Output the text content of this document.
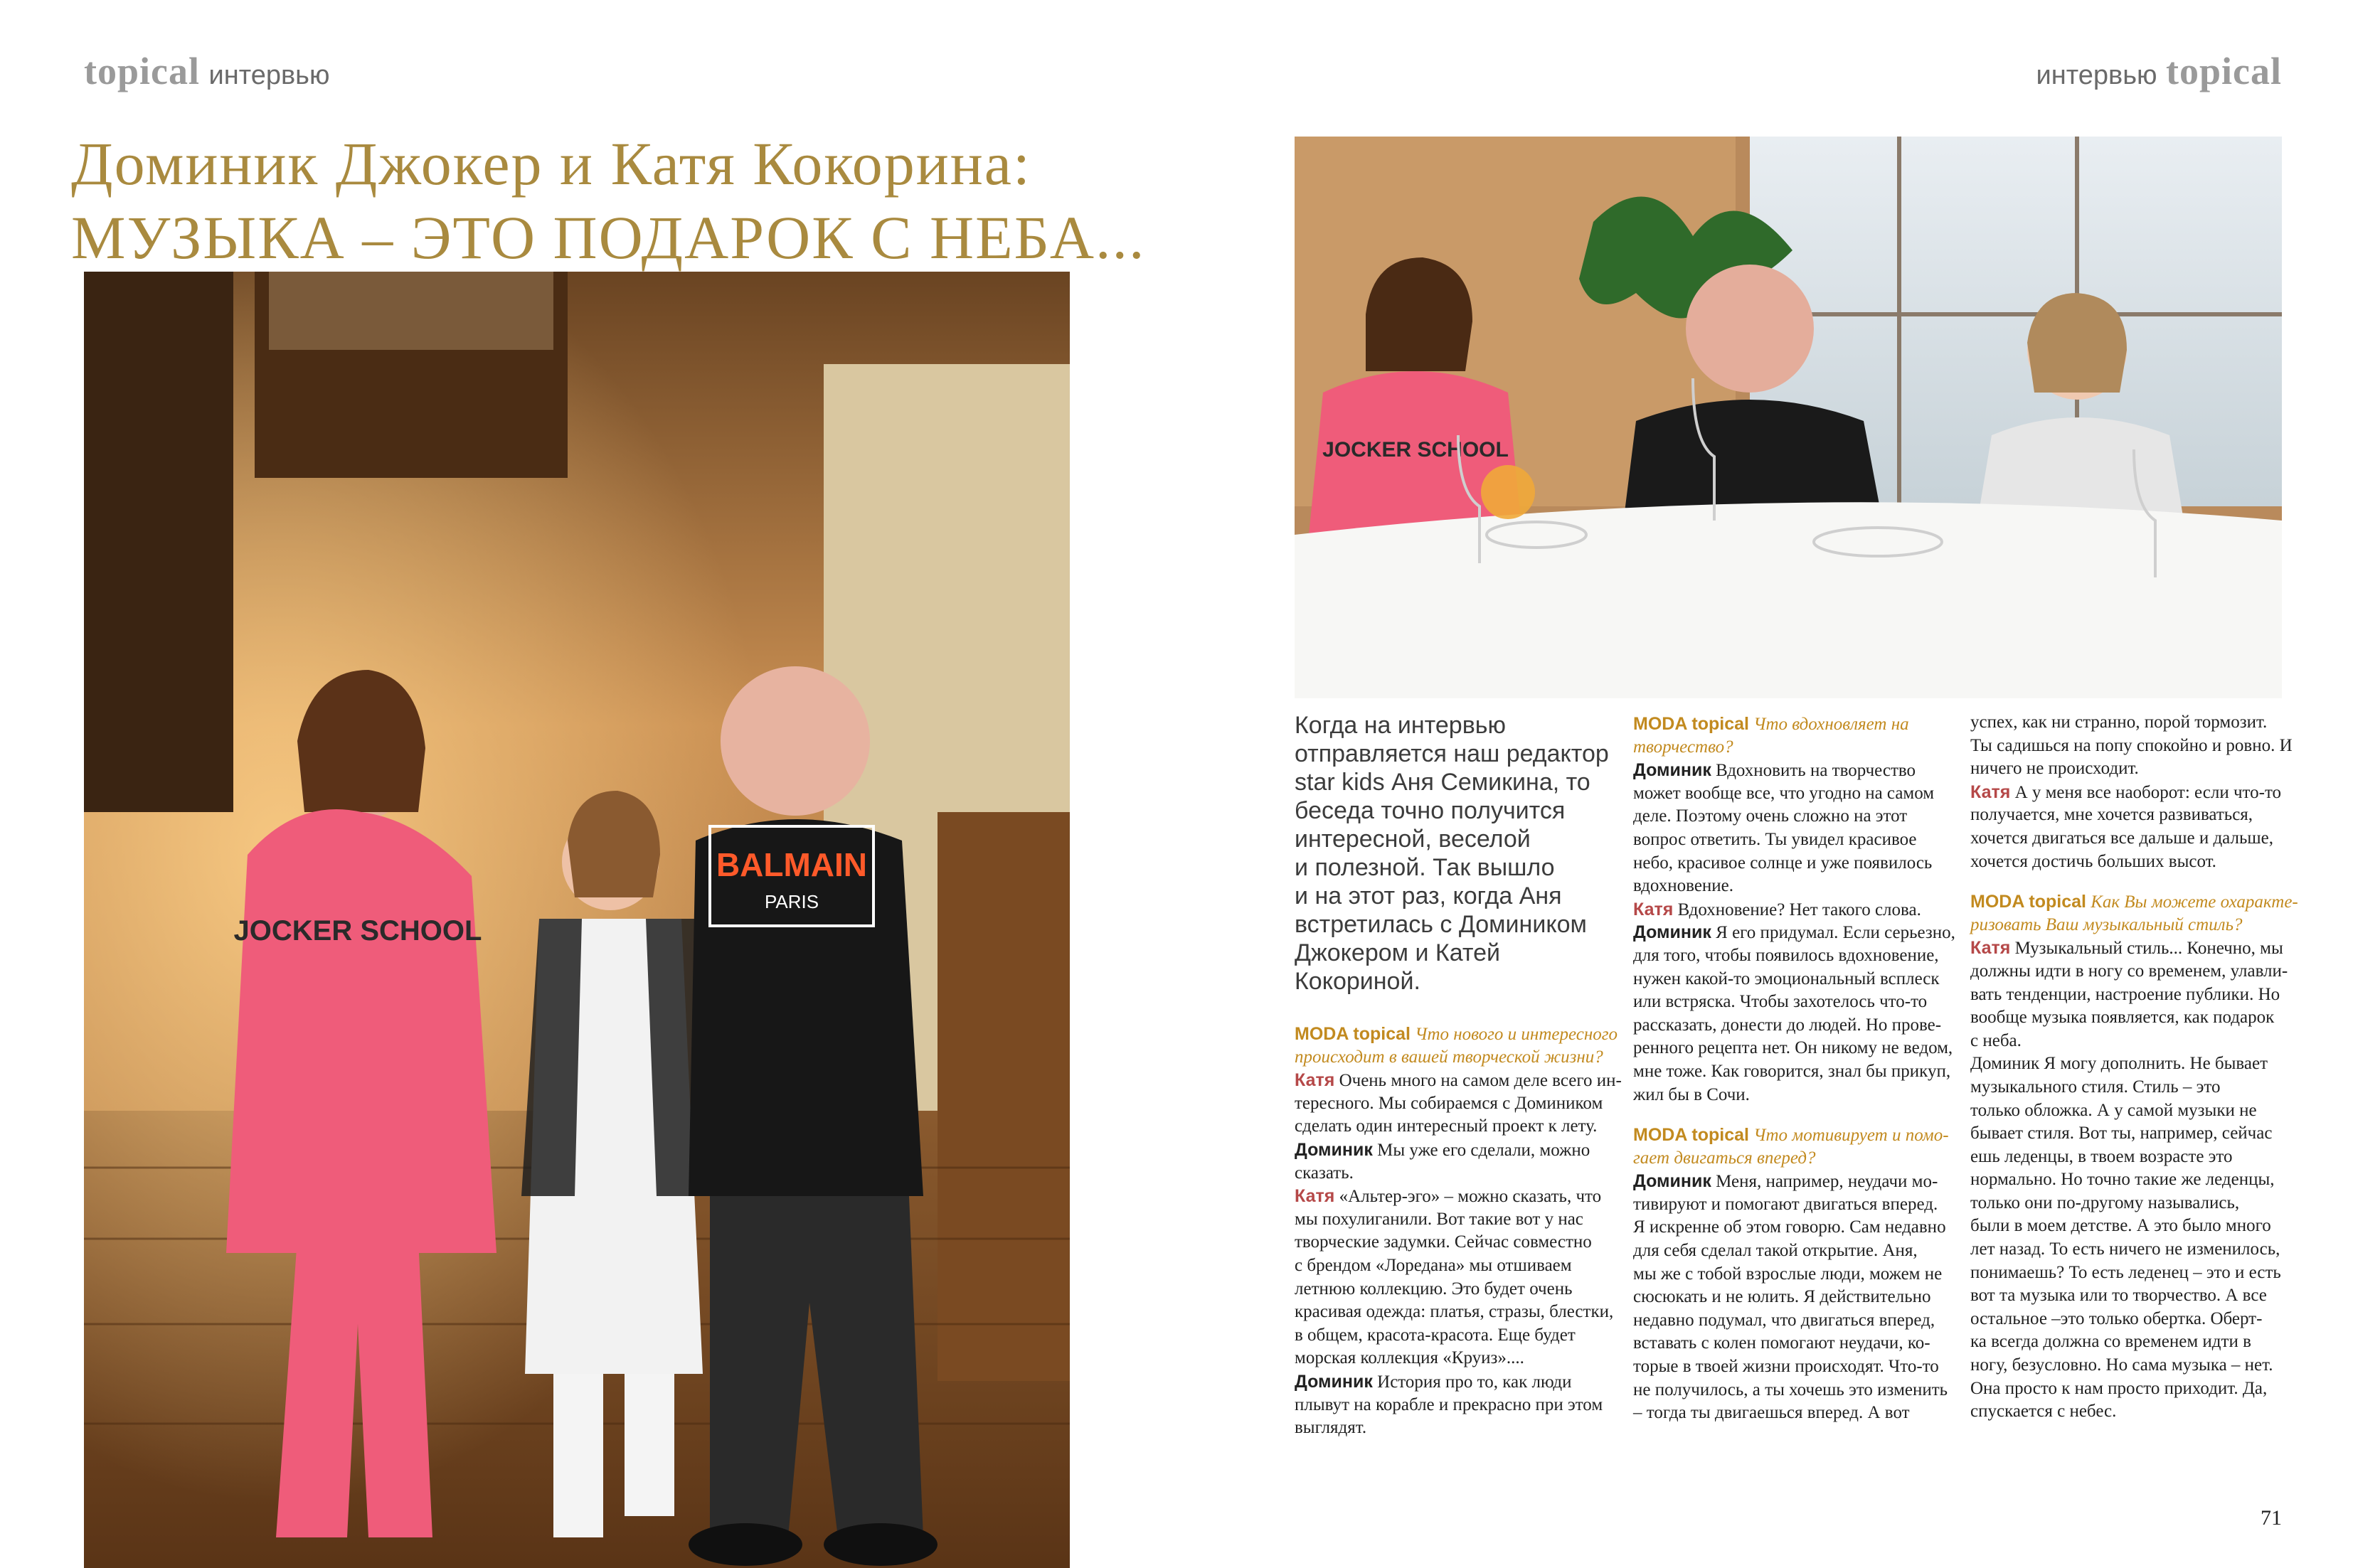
topical интервью	интервью topical
Доминик Джокер и Катя Кокорина:
МУЗЫКА – ЭТО ПОДАРОК С НЕБА...
JOCKER SCHOOL
BALMAIN
PARIS
JOCKER SCHOOL
Когда на интервью
отправляется наш редактор
star kids Аня Семикина, то
беседа точно получится
интересной, веселой
и полезной. Так вышло
и на этот раз, когда Аня
встретилась с Домиником
Джокером и Катей
Кокориной.
MODA topical Что нового и интересного
происходит в вашей творческой жизни?
Катя Очень много на самом деле всего ин-
тересного. Мы собираемся с Домиником
сделать один интересный проект к лету.
Доминик Мы уже его сделали, можно
сказать.
Катя «Альтер-эго» – можно сказать, что
мы похулиганили. Вот такие вот у нас
творческие задумки. Сейчас совместно
с брендом «Лоредана» мы отшиваем
летнюю коллекцию. Это будет очень
красивая одежда: платья, стразы, блестки,
в общем, красота-красота. Еще будет
морская коллекция «Круиз»....
Доминик История про то, как люди
плывут на корабле и прекрасно при этом
выглядят.
MODA topical Что вдохновляет на
творчество?
Доминик Вдохновить на творчество
может вообще все, что угодно на самом
деле. Поэтому очень сложно на этот
вопрос ответить. Ты увидел красивое
небо, красивое солнце и уже появилось
вдохновение.
Катя Вдохновение? Нет такого слова.
Доминик Я его придумал. Если серьезно,
для того, чтобы появилось вдохновение,
нужен какой-то эмоциональный всплеск
или встряска. Чтобы захотелось что-то
рассказать, донести до людей. Но прове-
ренного рецепта нет. Он никому не ведом,
мне тоже. Как говорится, знал бы прикуп,
жил бы в Сочи.
MODA topical Что мотивирует и помо-
гает двигаться вперед?
Доминик Меня, например, неудачи мо-
тивируют и помогают двигаться вперед.
Я искренне об этом говорю. Сам недавно
для себя сделал такой открытие. Аня,
мы же с тобой взрослые люди, можем не
сюсюкать и не юлить. Я действительно
недавно подумал, что двигаться вперед,
вставать с колен помогают неудачи, ко-
торые в твоей жизни происходят. Что-то
не получилось, а ты хочешь это изменить
– тогда ты двигаешься вперед. А вот
успех, как ни странно, порой тормозит.
Ты садишься на попу спокойно и ровно. И
ничего не происходит.
Катя А у меня все наоборот: если что-то
получается, мне хочется развиваться,
хочется двигаться все дальше и дальше,
хочется достичь больших высот.
MODA topical Как Вы можете охаракте-
ризовать Ваш музыкальный стиль?
Катя Музыкальный стиль... Конечно, мы
должны идти в ногу со временем, улавли-
вать тенденции, настроение публики. Но
вообще музыка появляется, как подарок
с неба.
Доминик Я могу дополнить. Не бывает
музыкального стиля. Стиль – это
только обложка. А у самой музыки не
бывает стиля. Вот ты, например, сейчас
ешь леденцы, в твоем возрасте это
нормально. Но точно такие же леденцы,
только они по-другому назывались,
были в моем детстве. А это было много
лет назад. То есть ничего не изменилось,
понимаешь? То есть леденец – это и есть
вот та музыка или то творчество. А все
остальное –это только обертка. Оберт-
ка всегда должна со временем идти в
ногу, безусловно. Но сама музыка – нет.
Она просто к нам просто приходит. Да,
спускается с небес.
71
